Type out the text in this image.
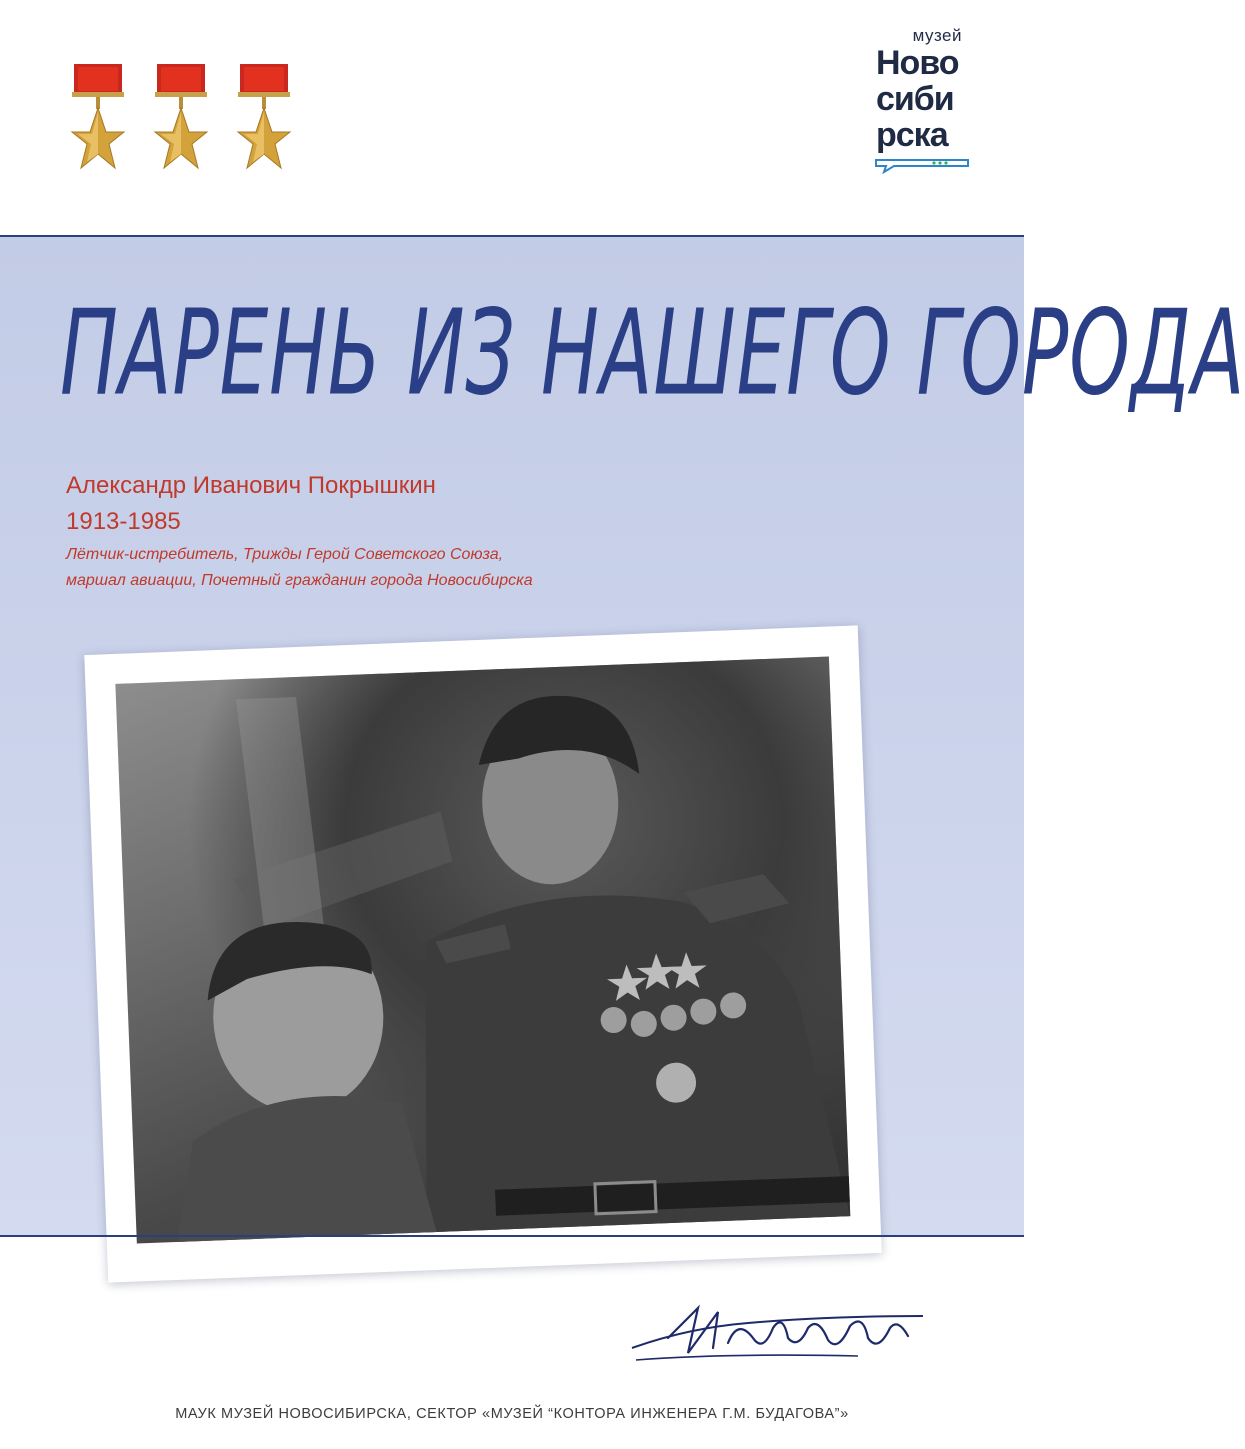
музей
Ново
сиби
рска
ПАРЕНЬ ИЗ НАШЕГО ГОРОДА
Александр Иванович Покрышкин
1913-1985
Лётчик-истребитель, Трижды Герой Советского Союза,
маршал авиации, Почетный гражданин города Новосибирска
МАУК МУЗЕЙ НОВОСИБИРСКА, СЕКТОР «МУЗЕЙ “КОНТОРА ИНЖЕНЕРА Г.М. БУДАГОВА”»
